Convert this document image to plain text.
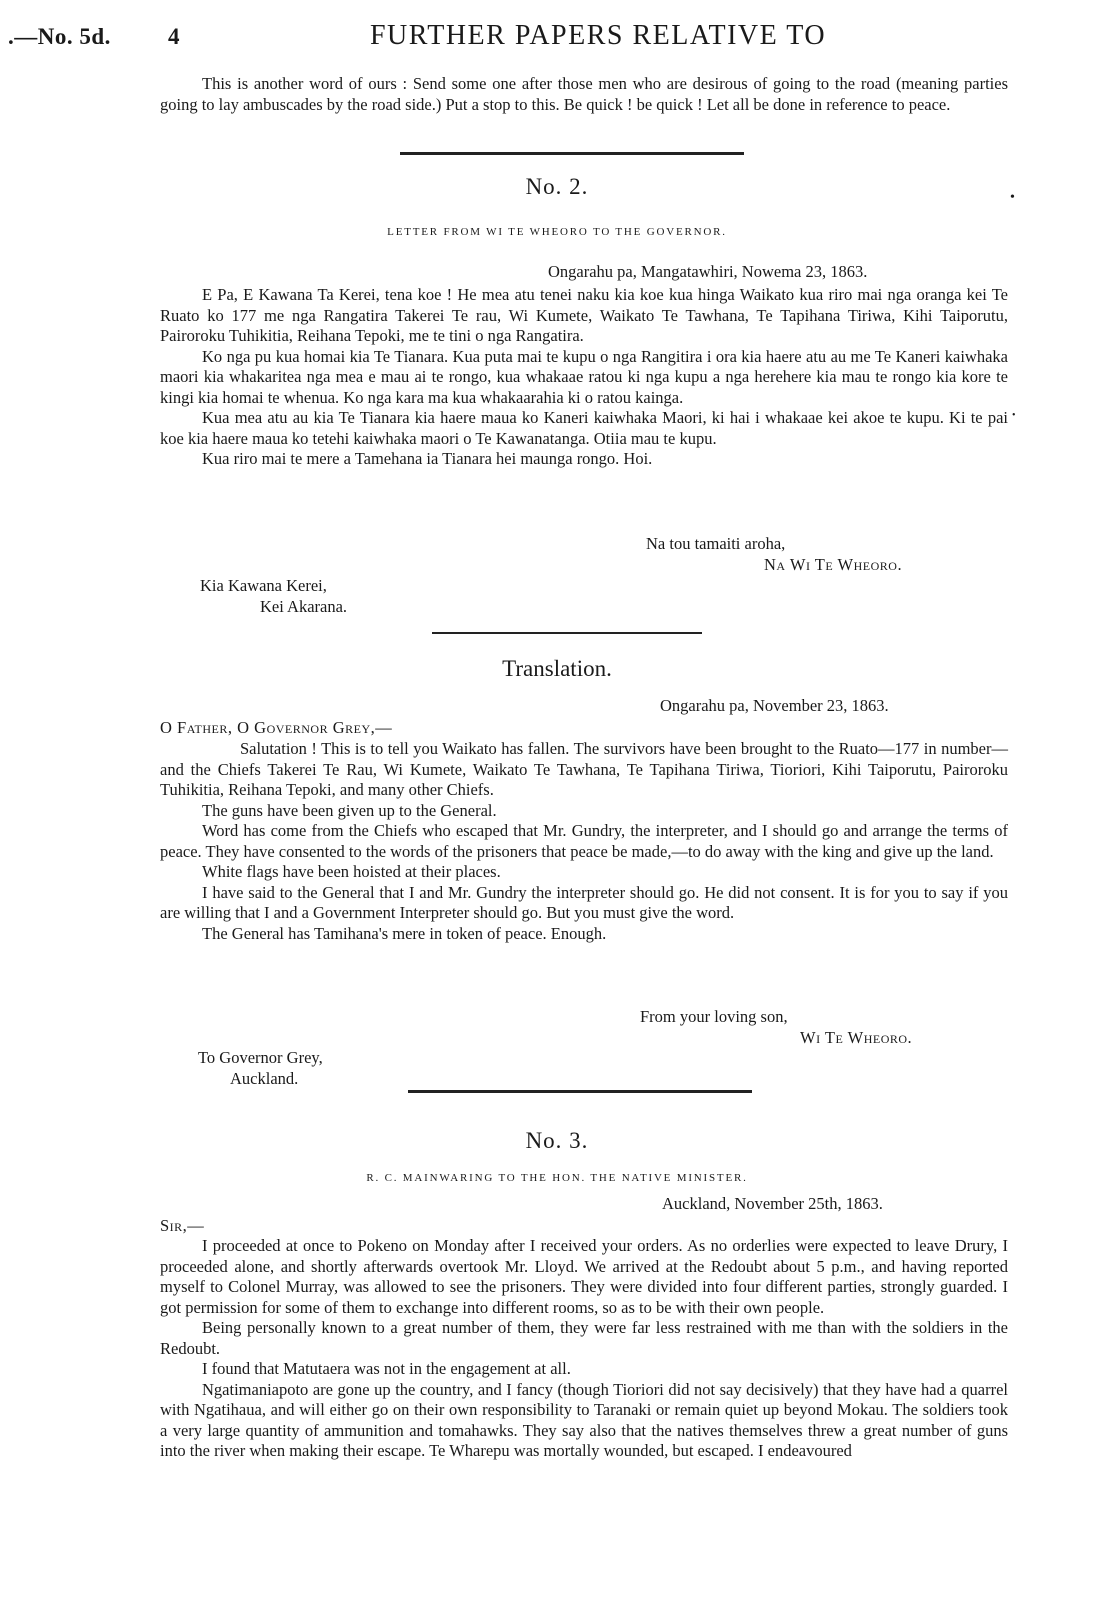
.—No. 5d. 4	FURTHER PAPERS RELATIVE TO

This is another word of ours : Send some one after those men who are desirous of going to the road (meaning parties going to lay ambuscades by the road side.) Put a stop to this. Be quick ! be quick ! Let all be done in reference to peace.

No. 2.
LETTER FROM WI TE WHEORO TO THE GOVERNOR.
Ongarahu pa, Mangatawhiri, Nowema 23, 1863.

E Pa, E Kawana Ta Kerei, tena koe ! He mea atu tenei naku kia koe kua hinga Waikato kua riro mai nga oranga kei Te Ruato ko 177 me nga Rangatira Takerei Te rau, Wi Kumete, Waikato Te Tawhana, Te Tapihana Tiriwa, Kihi Taiporutu, Pairoroku Tuhikitia, Reihana Tepoki, me te tini o nga Rangatira.

Ko nga pu kua homai kia Te Tianara. Kua puta mai te kupu o nga Rangitira i ora kia haere atu au me Te Kaneri kaiwhaka maori kia whakaritea nga mea e mau ai te rongo, kua whakaae ratou ki nga kupu a nga herehere kia mau te rongo kia kore te kingi kia homai te whenua. Ko nga kara ma kua whakaarahia ki o ratou kainga.

Kua mea atu au kia Te Tianara kia haere maua ko Kaneri kaiwhaka Maori, ki hai i whakaae kei akoe te kupu. Ki te pai koe kia haere maua ko tetehi kaiwhaka maori o Te Kawanatanga. Otiia mau te kupu.

Kua riro mai te mere a Tamehana ia Tianara hei maunga rongo. Hoi.

Na tou tamaiti aroha,
Na Wi Te Wheoro.
Kia Kawana Kerei,
Kei Akarana.
Translation.
Ongarahu pa, November 23, 1863.
O Father, O Governor Grey,—

Salutation ! This is to tell you Waikato has fallen. The survivors have been brought to the Ruato—177 in number—and the Chiefs Takerei Te Rau, Wi Kumete, Waikato Te Tawhana, Te Tapihana Tiriwa, Tioriori, Kihi Taiporutu, Pairoroku Tuhikitia, Reihana Tepoki, and many other Chiefs.

The guns have been given up to the General.

Word has come from the Chiefs who escaped that Mr. Gundry, the interpreter, and I should go and arrange the terms of peace. They have consented to the words of the prisoners that peace be made,—to do away with the king and give up the land.

White flags have been hoisted at their places.

I have said to the General that I and Mr. Gundry the interpreter should go. He did not consent. It is for you to say if you are willing that I and a Government Interpreter should go. But you must give the word.

The General has Tamihana's mere in token of peace. Enough.

From your loving son,
Wi Te Wheoro.
To Governor Grey,
Auckland.
No. 3.
R. C. MAINWARING TO THE HON. THE NATIVE MINISTER.
Auckland, November 25th, 1863.
Sir,—

I proceeded at once to Pokeno on Monday after I received your orders. As no orderlies were expected to leave Drury, I proceeded alone, and shortly afterwards overtook Mr. Lloyd. We arrived at the Redoubt about 5 p.m., and having reported myself to Colonel Murray, was allowed to see the prisoners. They were divided into four different parties, strongly guarded. I got permission for some of them to exchange into different rooms, so as to be with their own people.

Being personally known to a great number of them, they were far less restrained with me than with the soldiers in the Redoubt.

I found that Matutaera was not in the engagement at all.

Ngatimaniapoto are gone up the country, and I fancy (though Tioriori did not say decisively) that they have had a quarrel with Ngatihaua, and will either go on their own responsibility to Taranaki or remain quiet up beyond Mokau. The soldiers took a very large quantity of ammunition and tomahawks. They say also that the natives themselves threw a great number of guns into the river when making their escape. Te Wharepu was mortally wounded, but escaped. I endeavoured

•
•
